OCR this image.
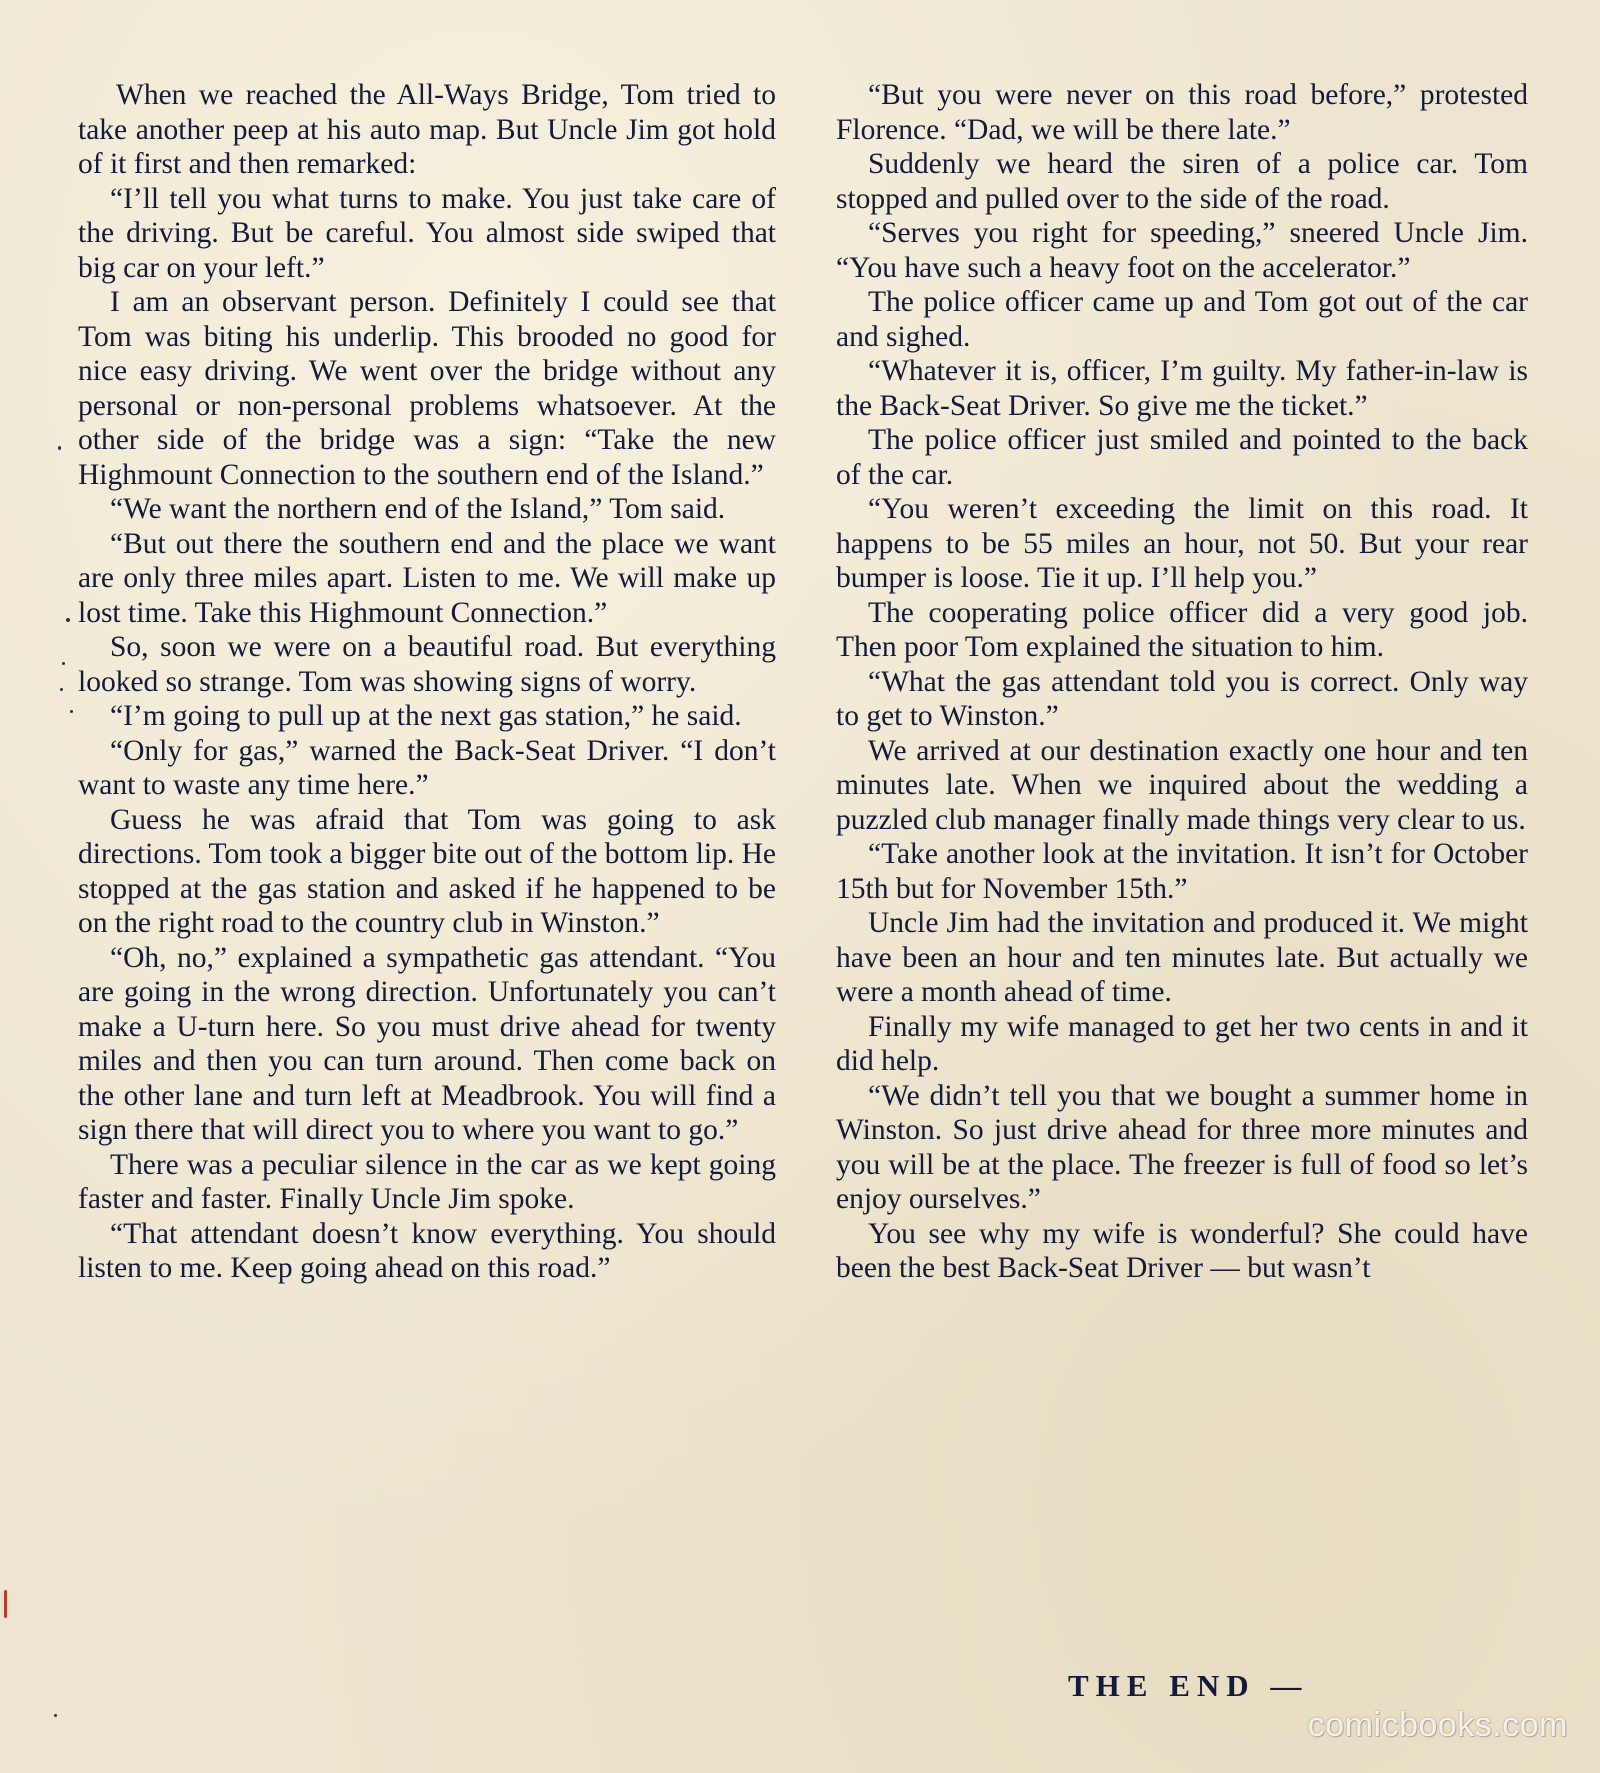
When we reached the All-Ways Bridge, Tom tried to take another peep at his auto map. But Uncle Jim got hold of it first and then remarked:

“I’ll tell you what turns to make. You just take care of the driving. But be careful. You almost side swiped that big car on your left.”

I am an observant person. Definitely I could see that Tom was biting his underlip. This brooded no good for nice easy driving. We went over the bridge without any personal or non-personal problems whatsoever. At the other side of the bridge was a sign: “Take the new Highmount Connection to the southern end of the Island.”

“We want the northern end of the Island,” Tom said.

“But out there the southern end and the place we want are only three miles apart. Listen to me. We will make up lost time. Take this Highmount Connection.”

So, soon we were on a beautiful road. But everything looked so strange. Tom was showing signs of worry.

“I’m going to pull up at the next gas station,” he said.

“Only for gas,” warned the Back-Seat Driver. “I don’t want to waste any time here.”

Guess he was afraid that Tom was going to ask directions. Tom took a bigger bite out of the bottom lip. He stopped at the gas station and asked if he happened to be on the right road to the country club in Winston.”

“Oh, no,” explained a sympathetic gas attendant. “You are going in the wrong direction. Unfortunately you can’t make a U-turn here. So you must drive ahead for twenty miles and then you can turn around. Then come back on the other lane and turn left at Meadbrook. You will find a sign there that will direct you to where you want to go.”

There was a peculiar silence in the car as we kept going faster and faster. Finally Uncle Jim spoke.

“That attendant doesn’t know everything. You should listen to me. Keep going ahead on this road.”

“But you were never on this road before,” protested Florence. “Dad, we will be there late.”

Suddenly we heard the siren of a police car. Tom stopped and pulled over to the side of the road.

“Serves you right for speeding,” sneered Uncle Jim. “You have such a heavy foot on the accelerator.”

The police officer came up and Tom got out of the car and sighed.

“Whatever it is, officer, I’m guilty. My father-in-law is the Back-Seat Driver. So give me the ticket.”

The police officer just smiled and pointed to the back of the car.

“You weren’t exceeding the limit on this road. It happens to be 55 miles an hour, not 50. But your rear bumper is loose. Tie it up. I’ll help you.”

The cooperating police officer did a very good job. Then poor Tom explained the situation to him.

“What the gas attendant told you is correct. Only way to get to Winston.”

We arrived at our destination exactly one hour and ten minutes late. When we inquired about the wedding a puzzled club manager finally made things very clear to us.

“Take another look at the invitation. It isn’t for October 15th but for November 15th.”

Uncle Jim had the invitation and produced it. We might have been an hour and ten minutes late. But actually we were a month ahead of time.

Finally my wife managed to get her two cents in and it did help.

“We didn’t tell you that we bought a summer home in Winston. So just drive ahead for three more minutes and you will be at the place. The freezer is full of food so let’s enjoy ourselves.”

You see why my wife is wonderful? She could have been the best Back-Seat Driver — but wasn’t

THE END —
comicbooks.com
